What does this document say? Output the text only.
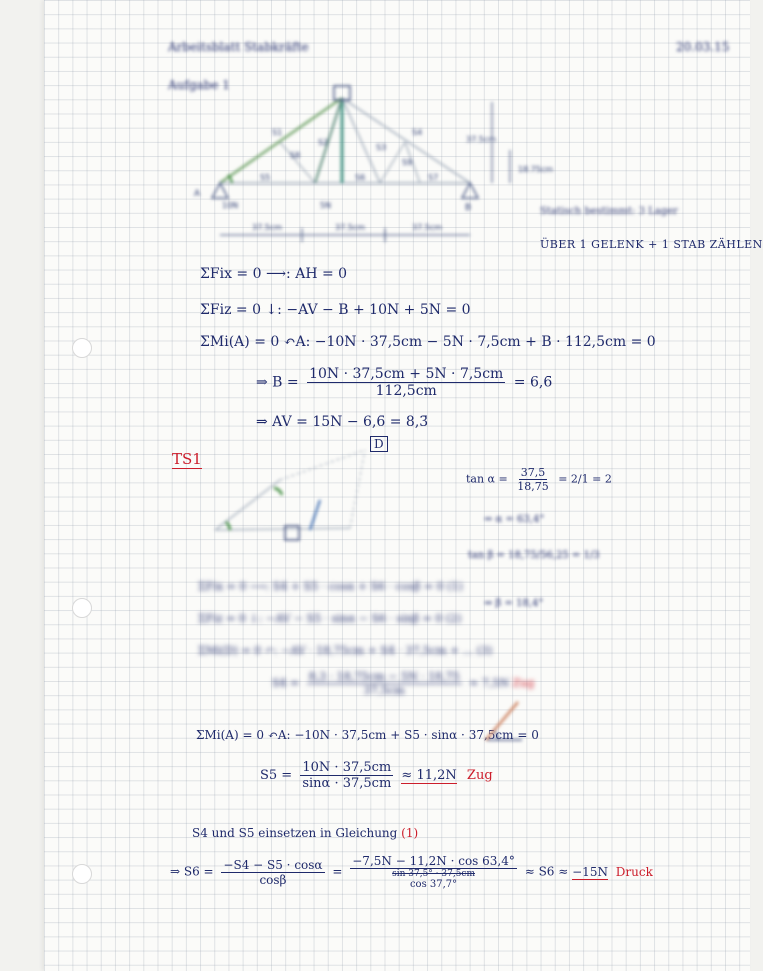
Arbeitsblatt Stabkräfte
Aufgabe 1
20.03.15
S1
S2
S3
S4
S5	S6	S7
S8
S9
A
B
10N	5N
37.5cm
18.75cm
37.5cm	37.5cm	37.5cm
Statisch bestimmt: 3 Lager
ÜBER 1 GELENK + 1 STAB ZÄHLEN
ΣFix = 0 ⟶: AH = 0
ΣFiz = 0 ↓: −AV − B + 10N + 5N = 0
ΣMi(A) = 0 ↶A: −10N · 37,5cm − 5N · 7,5cm + B · 112,5cm = 0
⇒ $B = \frac{10N \cdot 37,5cm + 5N \cdot 7,5cm}{112,5cm}$ = 6,6̄
⇒ AV = 15N − 6,6̄ = 8,3̄
TS1
D
$\tan \alpha = \frac{37,5}{18,75} = 2/1 = 2$
⇒ α = 63,4°
tan β = 18,75/56,25 = 1/3
⇒ β = 18,4°
ΣFix = 0 ⟶: S4 + S5 · cosα + S6 · cosβ = 0 (1)
ΣFiz = 0 ↓: −AV − S5 · sinα − S6 · sinβ = 0 (2)
ΣMi(D) = 0 ↶: −AV · 18,75cm + S4 · 37,5cm + ... (3)
$S4 = \frac{8,3 \cdot 18,75cm - 5N \cdot 18,75}{37,5cm} \approx 7,5N$ Zug
ΣMi(A) = 0 ↶A: −10N · 37,5cm + S5 · sinα · 37,5cm = 0
$S5 = \frac{10N \cdot 37,5cm}{\sin\alpha \cdot 37,5cm} \approx 11,2N$ Zug
S4 und S5 einsetzen in Gleichung (1)
⇒ $S6 = \frac{-S4 - S5 \cdot \cos\alpha}{\cos\beta}$ =
−7,5N − 11,2N · cos 63,4°
sin 37,5° · 37,5cm
cos 37,7°
≈ S6 ≈ −15N Druck
